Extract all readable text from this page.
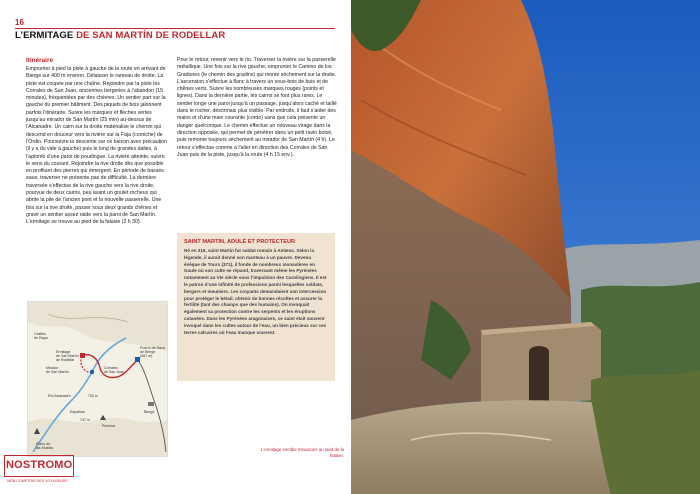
16
L’ERMITAGE DE SAN MARTÍN DE RODELLAR
Itinéraire
Emprunter à pied la piste à gauche de la route en arrivant de Bierge sur 400 m environ. Délaisser le rameau de droite. La piste est coupée par une chaîne. Rejoindre par la piste les Corrales de San Juan, anciennes bergeries à l’abandon (15 minutes), fréquentées par des chèvres. Un sentier part sur la gauche du premier bâtiment. Des piquets de bois jalonnent parfois l’itinéraire. Suivre les marques et flèches vertes jusqu’au mirador de San Martín (25 min) au-dessus de l’Alcanadre. Un cairn sur la droite matérialise le chemin qui descend en douceur vers la rivière sur la Faja (corniche) de l’Ordio. Poursuivre la descente sur ce balcon avec précaution (il y a du vide à gauche) puis le long de grandes dalles, à l’aplomb d’une paroi de poudingue. La rivière atteinte, suivre le sens du courant. Rejoindre la rive droite dès que possible en profitant des pierres qui émergent. En période de basses eaux, traverser ne présente pas de difficulté. La dernière traversée s’effectue de la rive gauche vers la rive droite, pourvue de deux cairns, peu avant un goulet rocheux qui abrite la pile de l’ancien pont et la nouvelle passerelle. Une fois sur la rive droite, passer sous deux grands chênes et gravir un sentier assez raide vers la paroi de San Martín. L’ermitage se trouve au pied de la falaise (2 h 30).
Pour le retour, revenir vers le rio. Traverser la rivière sur la passerelle métallique. Une fois sur la rive gauche, emprunter le Camino de los Gradones (le chemin des gradins) qui monte sèchement sur la droite. L’ascension s’effectue à flanc à travers un sous-bois de buis et de chênes verts. Suivre les nombreuses marques rouges (points et lignes). Dans la dernière partie, les cairns se font plus rares. Le sentier longe une paroi jusqu’à un passage, jusqu’alors caché et taillé dans le rocher, désormais plus visible. Par endroits, il faut s’aider des mains et d’une main courante (corde) sans que cela présente un danger quelconque. Le chemin effectue un nouveau virage dans la direction opposée, qui permet de pénétrer dans un petit ravin boisé, puis remonte toujours sèchement au mirador de San Martín (4 h). Le retour s’effectue comme à l’aller en direction des Corrales de San Juan puis de la piste, jusqu’à la route (4 h 15 env.).
SAINT MARTIN, ADULÉ ET PROTECTEUR
Né en 316, saint Martin fut soldat romain à Amiens. Selon la légende, il aurait donné son manteau à un pauvre. Devenu évêque de Tours (371), il fonde de nombreux monastères en Gaule où son culte se répand, traversant même les Pyrénées notamment au VIe siècle sous l’impulsion des Carolingiens. Il est le patron d’une infinité de professions parmi lesquelles soldats, bergers et meuniers. Les croyants demandaient son intercession pour protéger le bétail, obtenir de bonnes récoltes et assurer la fertilité (tant des champs que des humains). On invoquait également sa protection contre les serpents et les éruptions cutanées. Dans les Pyrénées aragonaises, ce saint était souvent invoqué dans les cultes autour de l’eau, un bien précieux sur ces terres calcaires où l’eau manque souvent.
Castillo
de Rapa
Ermitage
de San Martín
de Rodellar
Mirador
de San Martín
Corrales
de San Juan
Puerto de Saca
de Bierge
(567 m)
Río Alcanadre	700 m
Esparllas
747 m
Pechina
Bierge
Plano de
las Muelas	L’ermitage semble minuscule au pied de la falaise.
NOSTROMO
WEB-COMPTOIR DES VOYAGEURS
